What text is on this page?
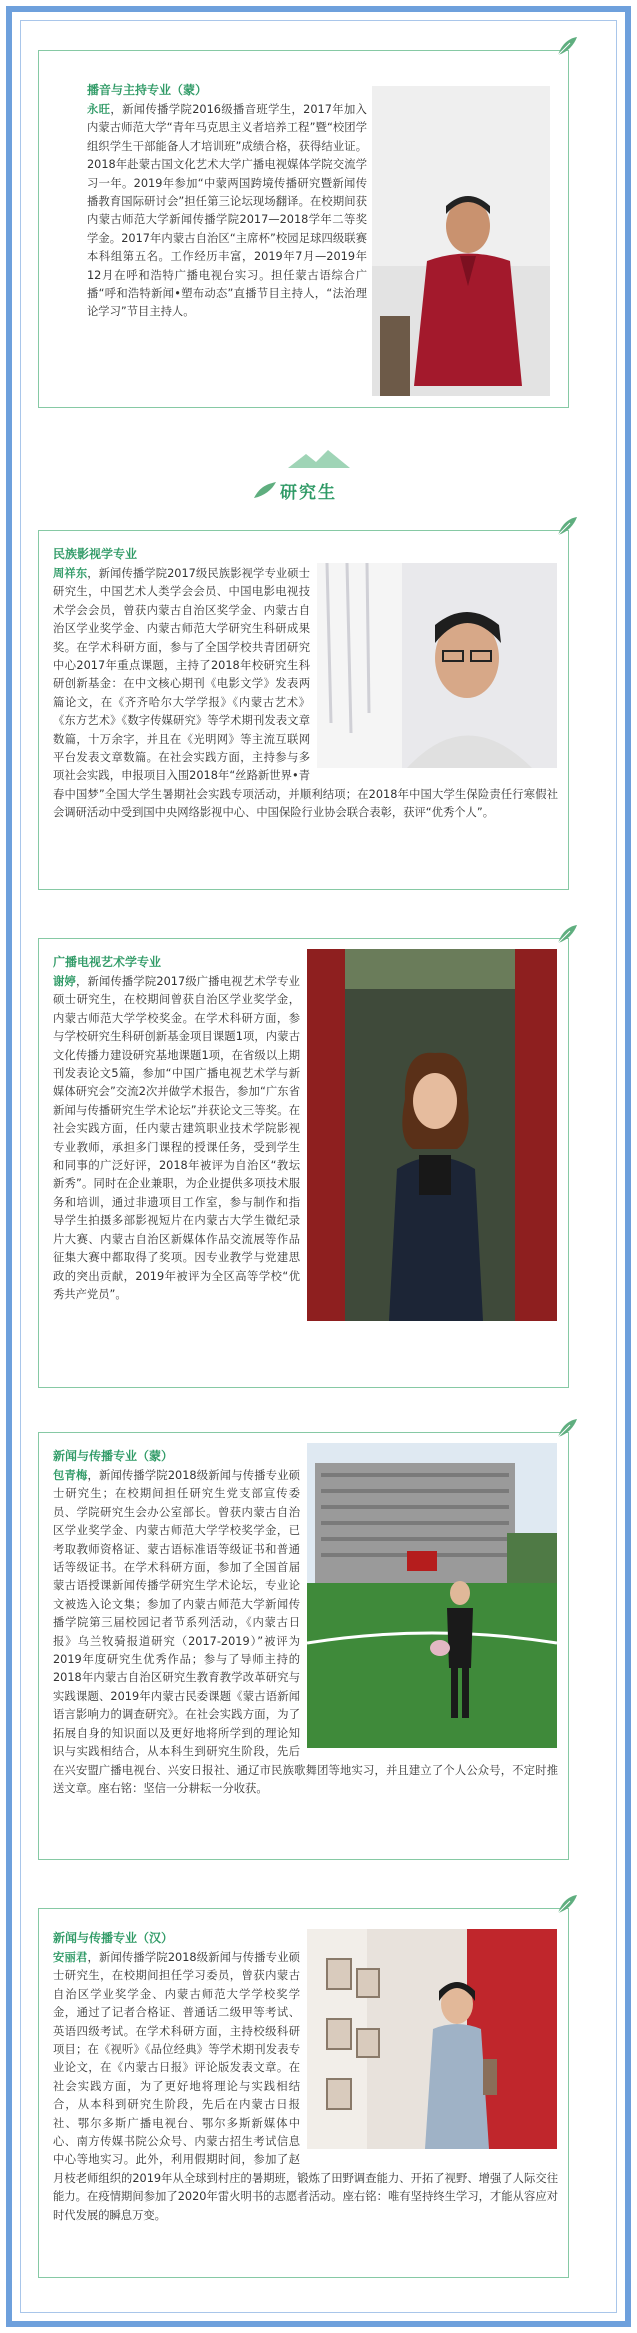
播音与主持专业（蒙）
永旺，新闻传播学院2016级播音班学生，2017年加入内蒙古师范大学“青年马克思主义者培养工程”暨“校团学组织学生干部能备人才培训班”成绩合格，获得结业证。2018年赴蒙古国文化艺术大学广播电视媒体学院交流学习一年。2019年参加“中蒙两国跨境传播研究暨新闻传播教育国际研讨会”担任第三论坛现场翻译。在校期间获内蒙古师范大学新闻传播学院2017—2018学年二等奖学金。2017年内蒙古自治区“主席杯”校园足球四级联赛本科组第五名。工作经历丰富，2019年7月—2019年12月在呼和浩特广播电视台实习。担任蒙古语综合广播“呼和浩特新闻•塑布动态”直播节目主持人，“法治理论学习”节目主持人。
研究生
民族影视学专业
周祥东，新闻传播学院2017级民族影视学专业硕士研究生，中国艺术人类学会会员、中国电影电视技术学会会员，曾获内蒙古自治区奖学金、内蒙古自治区学业奖学金、内蒙古师范大学研究生科研成果奖。在学术科研方面，参与了全国学校共青团研究中心2017年重点课题，主持了2018年校研究生科研创新基金：在中文核心期刊《电影文学》发表两篇论文，在《齐齐哈尔大学学报》《内蒙古艺术》《东方艺术》《数字传媒研究》等学术期刊发表文章数篇，十万余字，并且在《光明网》等主流互联网平台发表文章数篇。在社会实践方面，主持参与多项社会实践，申报项目入围2018年“丝路新世界•青春中国梦”全国大学生暑期社会实践专项活动，并顺利结项；在2018年中国大学生保险责任行寒假社会调研活动中受到国中央网络影视中心、中国保险行业协会联合表彰，获评“优秀个人”。
广播电视艺术学专业
谢婷，新闻传播学院2017级广播电视艺术学专业硕士研究生，在校期间曾获自治区学业奖学金，内蒙古师范大学学校奖金。在学术科研方面，参与学校研究生科研创新基金项目课题1项，内蒙古文化传播力建设研究基地课题1项，在省级以上期刊发表论文5篇，参加“中国广播电视艺术学与新媒体研究会”交流2次并做学术报告，参加“广东省新闻与传播研究生学术论坛”并获论文三等奖。在社会实践方面，任内蒙古建筑职业技术学院影视专业教师，承担多门课程的授课任务，受到学生和同事的广泛好评，2018年被评为自治区“教坛新秀”。同时在企业兼职，为企业提供多项技术服务和培训，通过非遗项目工作室，参与制作和指导学生拍摄多部影视短片在内蒙古大学生微纪录片大赛、内蒙古自治区新媒体作品交流展等作品征集大赛中都取得了奖项。因专业教学与党建思政的突出贡献，2019年被评为全区高等学校“优秀共产党员”。
新闻与传播专业（蒙）
包青梅，新闻传播学院2018级新闻与传播专业硕士研究生；在校期间担任研究生党支部宣传委员、学院研究生会办公室部长。曾获内蒙古自治区学业奖学金、内蒙古师范大学学校奖学金，已考取教师资格证、蒙古语标准语等级证书和普通话等级证书。在学术科研方面，参加了全国首届蒙古语授课新闻传播学研究生学术论坛，专业论文被选入论文集；参加了内蒙古师范大学新闻传播学院第三届校园记者节系列活动，《内蒙古日报》乌兰牧骑报道研究（2017-2019）”被评为2019年度研究生优秀作品；参与了导师主持的2018年内蒙古自治区研究生教育教学改革研究与实践课题、2019年内蒙古民委课题《蒙古语新闻语言影响力的调查研究》。在社会实践方面，为了拓展自身的知识面以及更好地将所学到的理论知识与实践相结合，从本科生到研究生阶段，先后在兴安盟广播电视台、兴安日报社、通辽市民族歌舞团等地实习，并且建立了个人公众号，不定时推送文章。座右铭：坚信一分耕耘一分收获。
新闻与传播专业（汉）
安丽君，新闻传播学院2018级新闻与传播专业硕士研究生，在校期间担任学习委员，曾获内蒙古自治区学业奖学金、内蒙古师范大学学校奖学金，通过了记者合格证、普通话二级甲等考试、英语四级考试。在学术科研方面，主持校级科研项目；在《视听》《品位经典》等学术期刊发表专业论文，在《内蒙古日报》评论版发表文章。在社会实践方面，为了更好地将理论与实践相结合，从本科到研究生阶段，先后在内蒙古日报社、鄂尔多斯广播电视台、鄂尔多斯新媒体中心、南方传媒书院公众号、内蒙古招生考试信息中心等地实习。此外，利用假期时间，参加了赵月枝老师组织的2019年从全球到村庄的暑期班，锻炼了田野调查能力、开拓了视野、增强了人际交往能力。在疫情期间参加了2020年雷火明书的志愿者活动。座右铭：唯有坚持终生学习，才能从容应对时代发展的瞬息万变。
